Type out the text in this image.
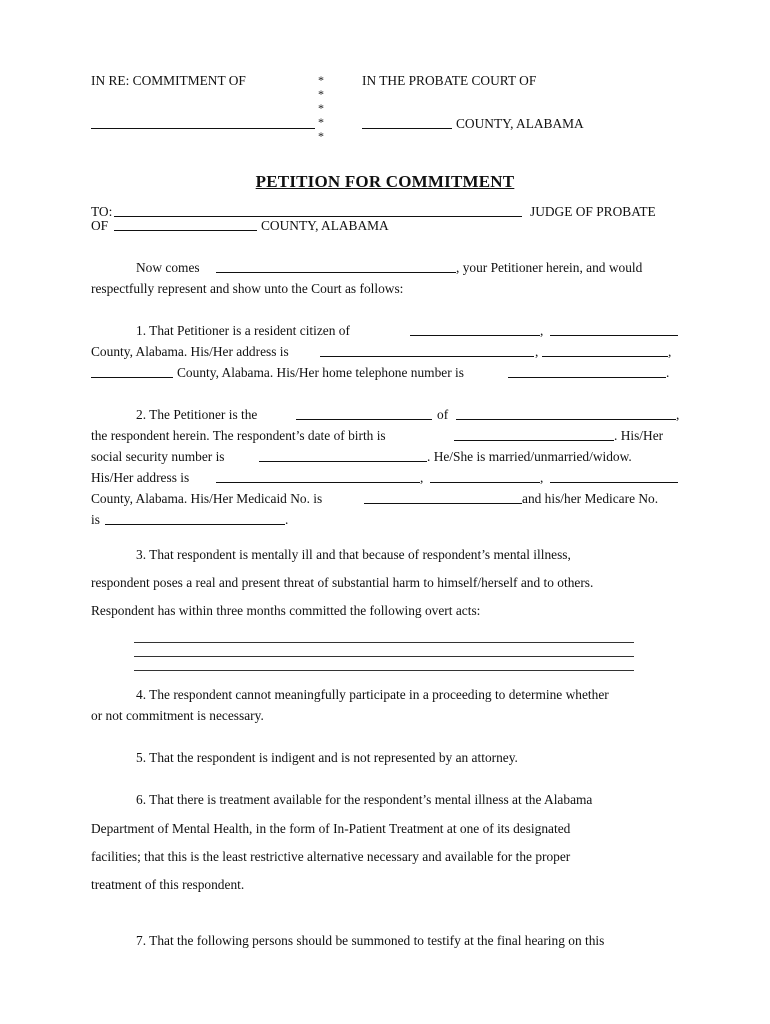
IN RE: COMMITMENT OF	IN THE PROBATE COURT OF
*
*
*
*
*
COUNTY, ALABAMA
PETITION FOR COMMITMENT
TO:	JUDGE OF PROBATE
OF	COUNTY, ALABAMA
Now comes	, your Petitioner herein, and would
respectfully represent and show unto the Court as follows:
1. That Petitioner is a resident citizen of	,
County, Alabama. His/Her address is	,	,
County, Alabama. His/Her home telephone number is	.
2. The Petitioner is the	of	,
the respondent herein. The respondent’s date of birth is	. His/Her
social security number is	. He/She is married/unmarried/widow.
His/Her address is	,	,
County, Alabama. His/Her Medicaid No. is	and his/her Medicare No.
is	.
3. That respondent is mentally ill and that because of respondent’s mental illness,
respondent poses a real and present threat of substantial harm to himself/herself and to others.
Respondent has within three months committed the following overt acts:
4. The respondent cannot meaningfully participate in a proceeding to determine whether
or not commitment is necessary.
5. That the respondent is indigent and is not represented by an attorney.
6. That there is treatment available for the respondent’s mental illness at the Alabama
Department of Mental Health, in the form of In-Patient Treatment at one of its designated
facilities; that this is the least restrictive alternative necessary and available for the proper
treatment of this respondent.
7. That the following persons should be summoned to testify at the final hearing on this
